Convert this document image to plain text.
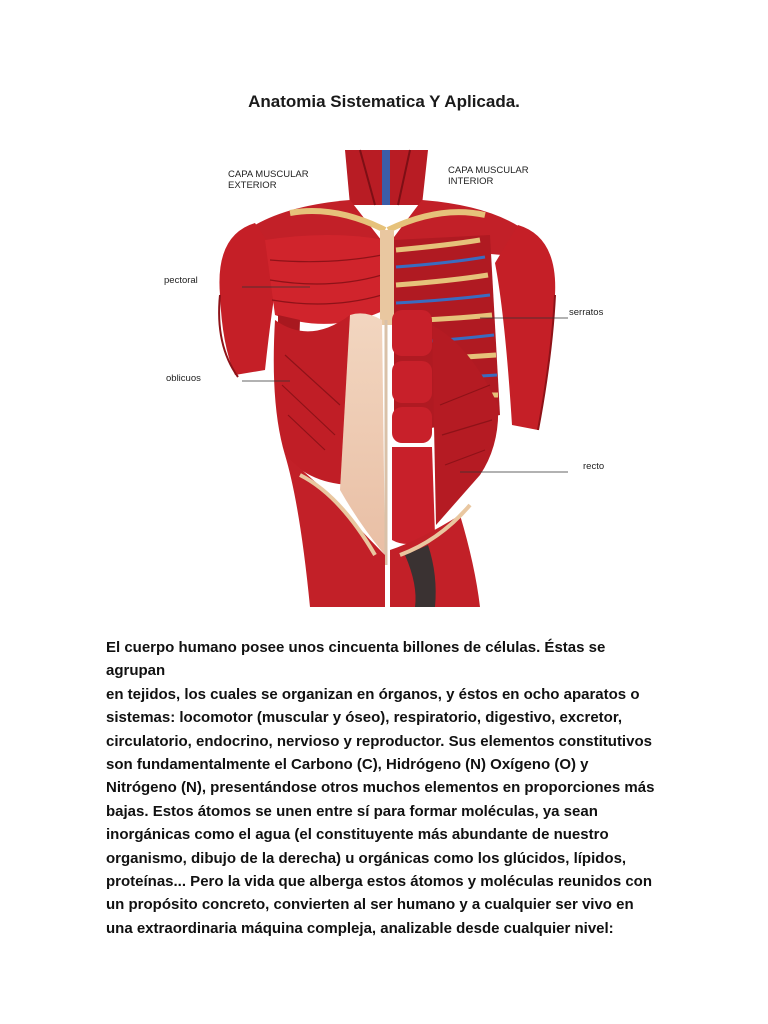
Anatomia Sistematica Y Aplicada.
CAPA MUSCULAR
EXTERIOR
CAPA MUSCULAR
INTERIOR
pectoral
oblicuos
serratos
recto
El cuerpo humano posee unos cincuenta billones de células. Éstas se agrupan
en tejidos, los cuales se organizan en órganos, y éstos en ocho aparatos o
sistemas: locomotor (muscular y óseo), respiratorio, digestivo, excretor,
circulatorio, endocrino, nervioso y reproductor. Sus elementos constitutivos
son fundamentalmente el Carbono (C), Hidrógeno (N) Oxígeno (O) y
Nitrógeno (N), presentándose otros muchos elementos en proporciones más
bajas. Estos átomos se unen entre sí para formar moléculas, ya sean
inorgánicas como el agua (el constituyente más abundante de nuestro
organismo, dibujo de la derecha) u orgánicas como los glúcidos, lípidos,
proteínas... Pero la vida que alberga estos átomos y moléculas reunidos con
un propósito concreto, convierten al ser humano y a cualquier ser vivo en
una extraordinaria máquina compleja, analizable desde cualquier nivel:
